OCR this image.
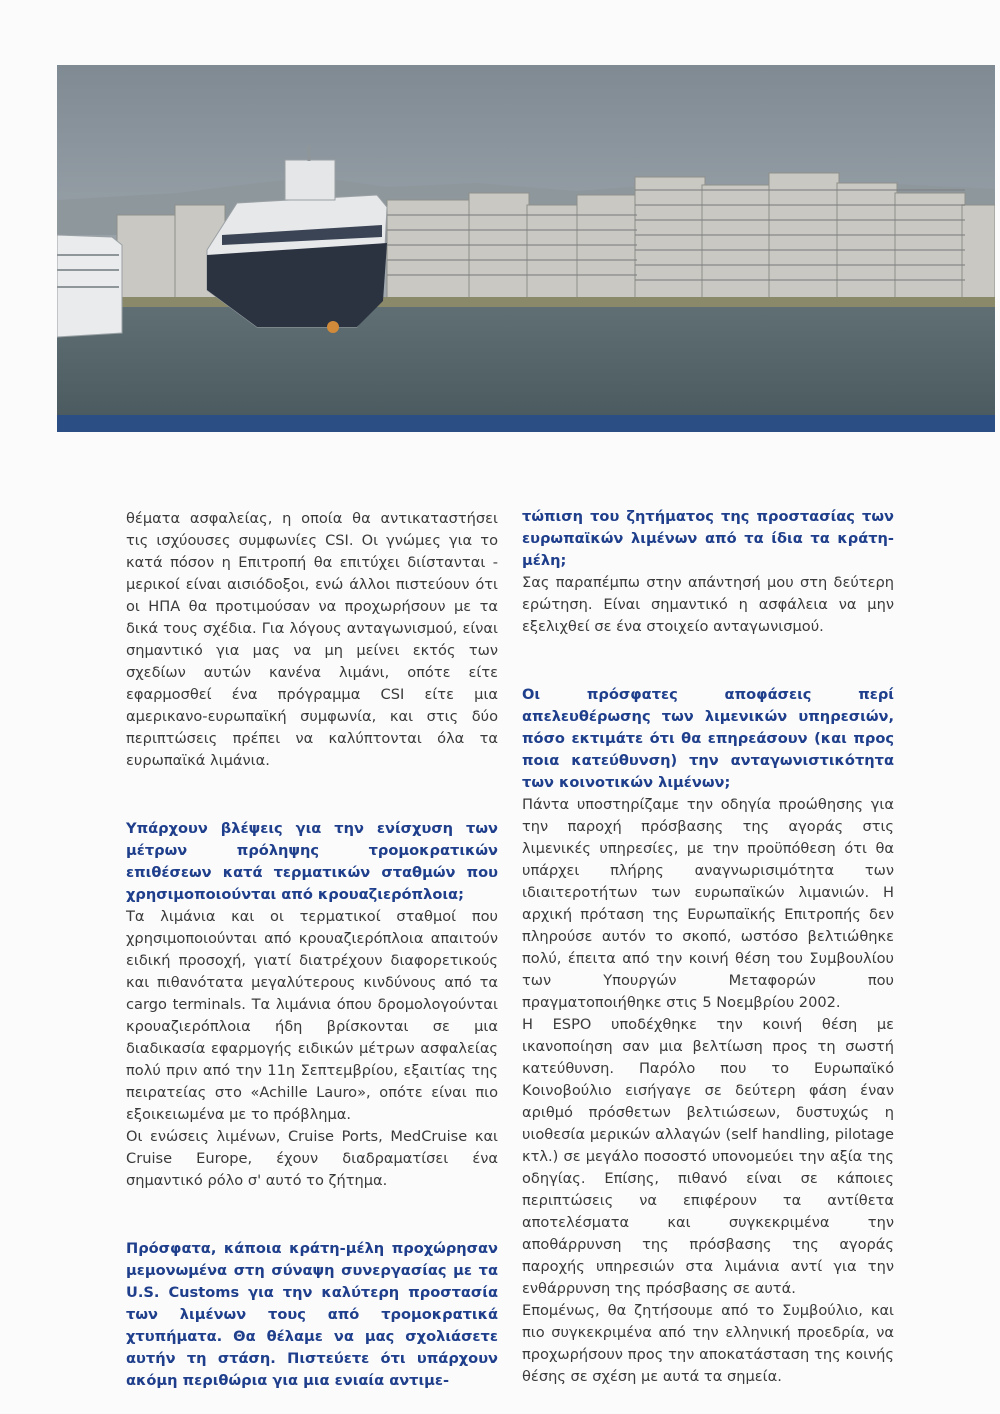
θέματα ασφαλείας, η οποία θα αντικαταστήσει τις ισχύουσες συμφωνίες CSI. Οι γνώμες για το κατά πόσον η Επιτροπή θα επιτύχει διίστανται - μερικοί είναι αισιόδοξοι, ενώ άλλοι πιστεύουν ότι οι ΗΠΑ θα προτιμούσαν να προχωρήσουν με τα δικά τους σχέδια. Για λόγους ανταγωνισμού, είναι σημαντικό για μας να μη μείνει εκτός των σχεδίων αυτών κανένα λιμάνι, οπότε είτε εφαρμοσθεί ένα πρόγραμμα CSI είτε μια αμερικανο-ευρωπαϊκή συμφωνία, και στις δύο περιπτώσεις πρέπει να καλύπτονται όλα τα ευρωπαϊκά λιμάνια.

Υπάρχουν βλέψεις για την ενίσχυση των μέτρων πρόληψης τρομοκρατικών επιθέσεων κατά τερματικών σταθμών που χρησιμοποιούνται από κρουαζιερόπλοια;

Τα λιμάνια και οι τερματικοί σταθμοί που χρησιμοποιούνται από κρουαζιερόπλοια απαιτούν ειδική προσοχή, γιατί διατρέχουν διαφορετικούς και πιθανότατα μεγαλύτερους κινδύνους από τα cargo terminals. Τα λιμάνια όπου δρομολογούνται κρουαζιερόπλοια ήδη βρίσκονται σε μια διαδικασία εφαρμογής ειδικών μέτρων ασφαλείας πολύ πριν από την 11η Σεπτεμβρίου, εξαιτίας της πειρατείας στο «Achille Lauro», οπότε είναι πιο εξοικειωμένα με το πρόβλημα.

Οι ενώσεις λιμένων, Cruise Ports, MedCruise και Cruise Europe, έχουν διαδραματίσει ένα σημαντικό ρόλο σ' αυτό το ζήτημα.

Πρόσφατα, κάποια κράτη-μέλη προχώρησαν μεμονωμένα στη σύναψη συνεργασίας με τα U.S. Customs για την καλύτερη προστασία των λιμένων τους από τρομοκρατικά χτυπήματα. Θα θέλαμε να μας σχολιάσετε αυτήν τη στάση. Πιστεύετε ότι υπάρχουν ακόμη περιθώρια για μια ενιαία αντιμε-

τώπιση του ζητήματος της προστασίας των ευρωπαϊκών λιμένων από τα ίδια τα κράτη-μέλη;

Σας παραπέμπω στην απάντησή μου στη δεύτερη ερώτηση. Είναι σημαντικό η ασφάλεια να μην εξελιχθεί σε ένα στοιχείο ανταγωνισμού.

Οι πρόσφατες αποφάσεις περί απελευθέρωσης των λιμενικών υπηρεσιών, πόσο εκτιμάτε ότι θα επηρεάσουν (και προς ποια κατεύθυνση) την ανταγωνιστικότητα των κοινοτικών λιμένων;

Πάντα υποστηρίζαμε την οδηγία προώθησης για την παροχή πρόσβασης της αγοράς στις λιμενικές υπηρεσίες, με την προϋπόθεση ότι θα υπάρχει πλήρης αναγνωρισιμότητα των ιδιαιτεροτήτων των ευρωπαϊκών λιμανιών. Η αρχική πρόταση της Ευρωπαϊκής Επιτροπής δεν πληρούσε αυτόν το σκοπό, ωστόσο βελτιώθηκε πολύ, έπειτα από την κοινή θέση του Συμβουλίου των Υπουργών Μεταφορών που πραγματοποιήθηκε στις 5 Νοεμβρίου 2002.

Η ESPO υποδέχθηκε την κοινή θέση με ικανοποίηση σαν μια βελτίωση προς τη σωστή κατεύθυνση. Παρόλο που το Ευρωπαϊκό Κοινοβούλιο εισήγαγε σε δεύτερη φάση έναν αριθμό πρόσθετων βελτιώσεων, δυστυχώς η υιοθεσία μερικών αλλαγών (self handling, pilotage κτλ.) σε μεγάλο ποσοστό υπονομεύει την αξία της οδηγίας. Επίσης, πιθανό είναι σε κάποιες περιπτώσεις να επιφέρουν τα αντίθετα αποτελέσματα και συγκεκριμένα την αποθάρρυνση της πρόσβασης της αγοράς παροχής υπηρεσιών στα λιμάνια αντί για την ενθάρρυνση της πρόσβασης σε αυτά.

Επομένως, θα ζητήσουμε από το Συμβούλιο, και πιο συγκεκριμένα από την ελληνική προεδρία, να προχωρήσουν προς την αποκατάσταση της κοινής θέσης σε σχέση με αυτά τα σημεία.
